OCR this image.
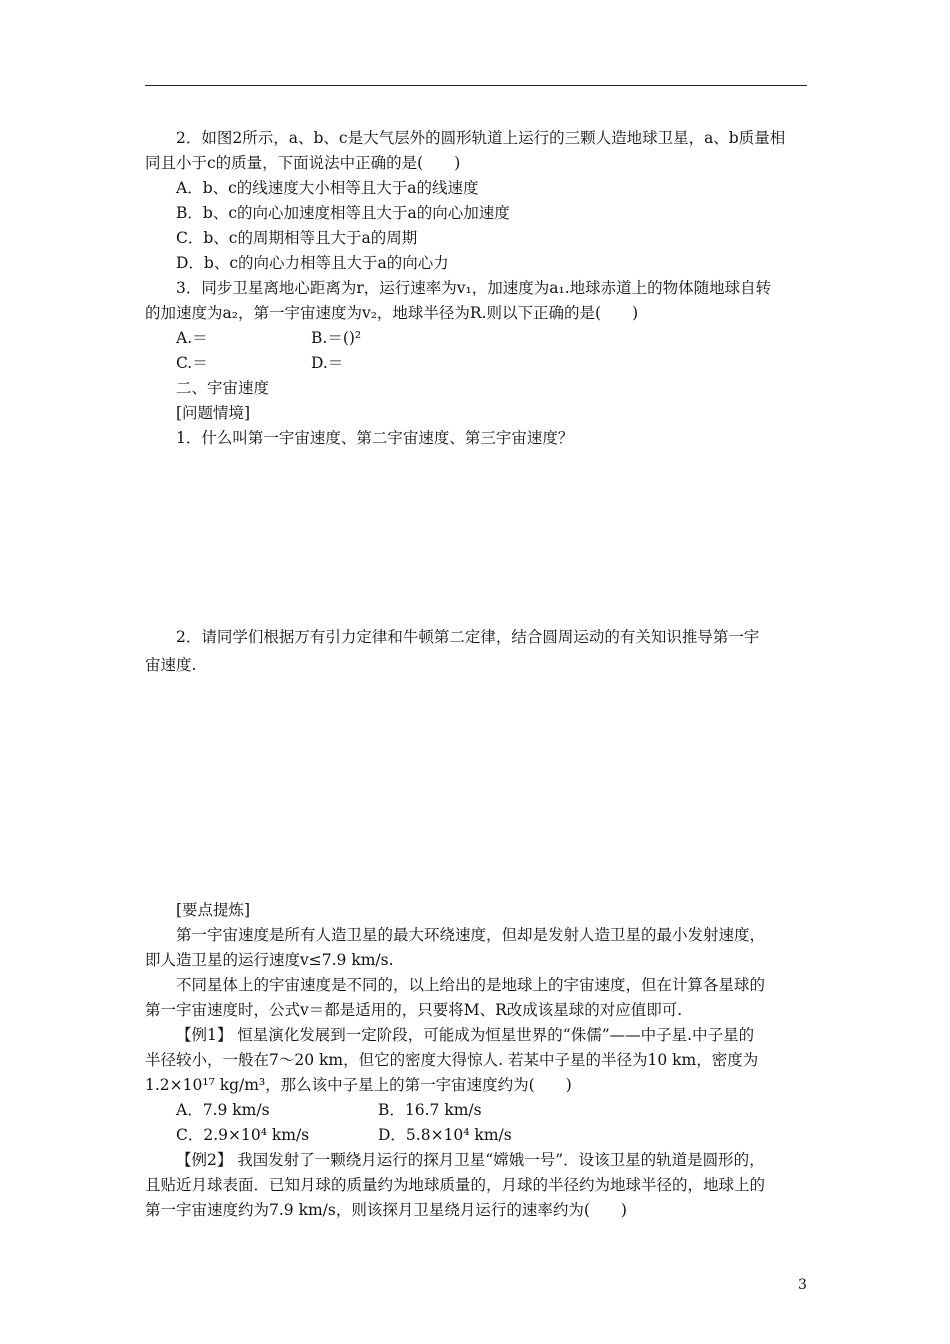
2．如图2所示，a、b、c是大气层外的圆形轨道上运行的三颗人造地球卫星，a、b质量相
同且小于c的质量，下面说法中正确的是(　　)
A．b、c的线速度大小相等且大于a的线速度
B．b、c的向心加速度相等且大于a的向心加速度
C．b、c的周期相等且大于a的周期
D．b、c的向心力相等且大于a的向心力
3．同步卫星离地心距离为r，运行速率为v₁，加速度为a₁.地球赤道上的物体随地球自转
的加速度为a₂，第一宇宙速度为v₂，地球半径为R.则以下正确的是(　　)
A.＝	B.＝()²
C.＝	D.＝
二、宇宙速度
[问题情境]
1．什么叫第一宇宙速度、第二宇宙速度、第三宇宙速度？
2．请同学们根据万有引力定律和牛顿第二定律，结合圆周运动的有关知识推导第一宇
宙速度.
[要点提炼]
第一宇宙速度是所有人造卫星的最大环绕速度，但却是发射人造卫星的最小发射速度，
即人造卫星的运行速度v≤7.9 km/s.
不同星体上的宇宙速度是不同的，以上给出的是地球上的宇宙速度，但在计算各星球的
第一宇宙速度时，公式v＝都是适用的，只要将M、R改成该星球的对应值即可.
【例1】 恒星演化发展到一定阶段，可能成为恒星世界的“侏儒”——中子星.中子星的
半径较小，一般在7～20 km，但它的密度大得惊人. 若某中子星的半径为10 km，密度为
1.2×10¹⁷ kg/m³，那么该中子星上的第一宇宙速度约为(　　)
A．7.9 km/s	B．16.7 km/s
C．2.9×10⁴ km/s	D．5.8×10⁴ km/s
【例2】 我国发射了一颗绕月运行的探月卫星“嫦娥一号”．设该卫星的轨道是圆形的，
且贴近月球表面．已知月球的质量约为地球质量的，月球的半径约为地球半径的，地球上的
第一宇宙速度约为7.9 km/s，则该探月卫星绕月运行的速率约为(　　)
3
